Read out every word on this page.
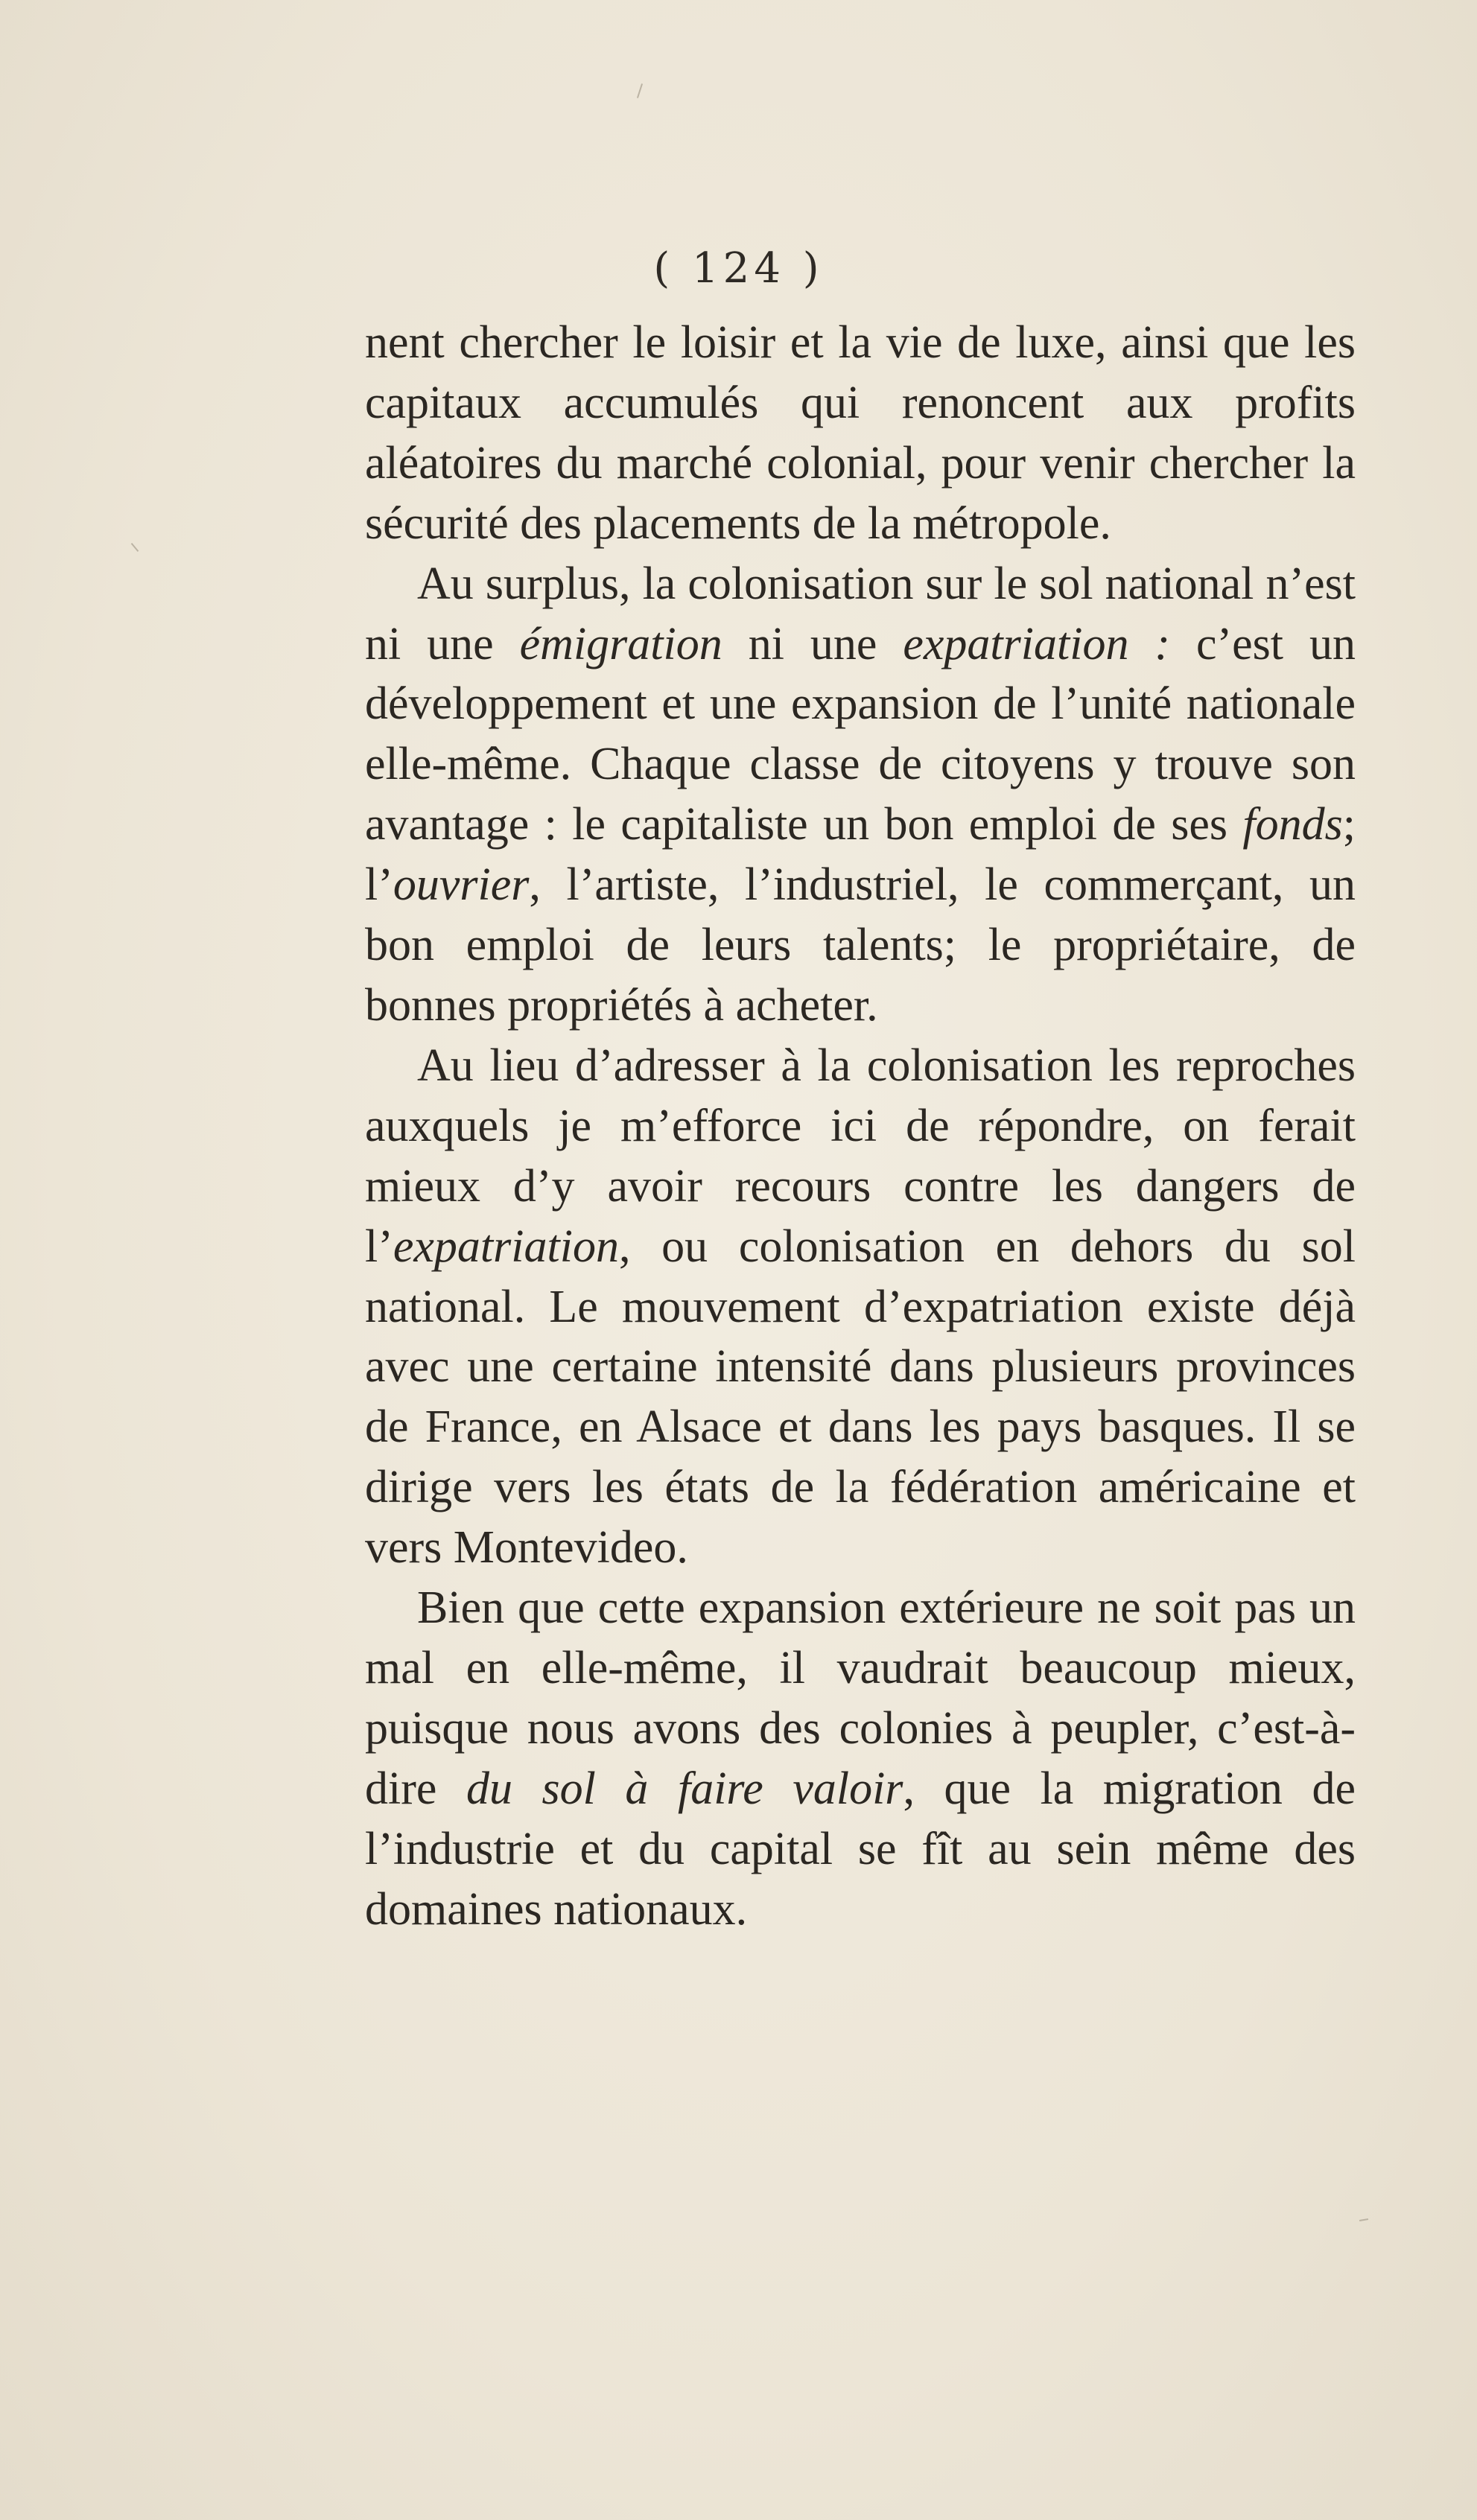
( 124 )

nent chercher le loisir et la vie de luxe, ainsi que les capitaux accumulés qui renoncent aux profits aléatoires du marché colonial, pour venir chercher la sécurité des placements de la métropole.

Au surplus, la colonisation sur le sol national n’est ni une émigration ni une expatriation : c’est un développement et une expansion de l’unité nationale elle-même. Chaque classe de citoyens y trouve son avantage : le capitaliste un bon emploi de ses fonds; l’ouvrier, l’artiste, l’industriel, le commerçant, un bon emploi de leurs talents; le propriétaire, de bonnes propriétés à acheter.

Au lieu d’adresser à la colonisation les reproches auxquels je m’efforce ici de répondre, on ferait mieux d’y avoir recours contre les dangers de l’expatriation, ou colonisation en dehors du sol national. Le mouvement d’expatriation existe déjà avec une certaine intensité dans plusieurs provinces de France, en Alsace et dans les pays basques. Il se dirige vers les états de la fédération américaine et vers Montevideo.

Bien que cette expansion extérieure ne soit pas un mal en elle-même, il vaudrait beaucoup mieux, puisque nous avons des colonies à peupler, c’est-à-dire du sol à faire valoir, que la migration de l’industrie et du capital se fît au sein même des domaines nationaux.
